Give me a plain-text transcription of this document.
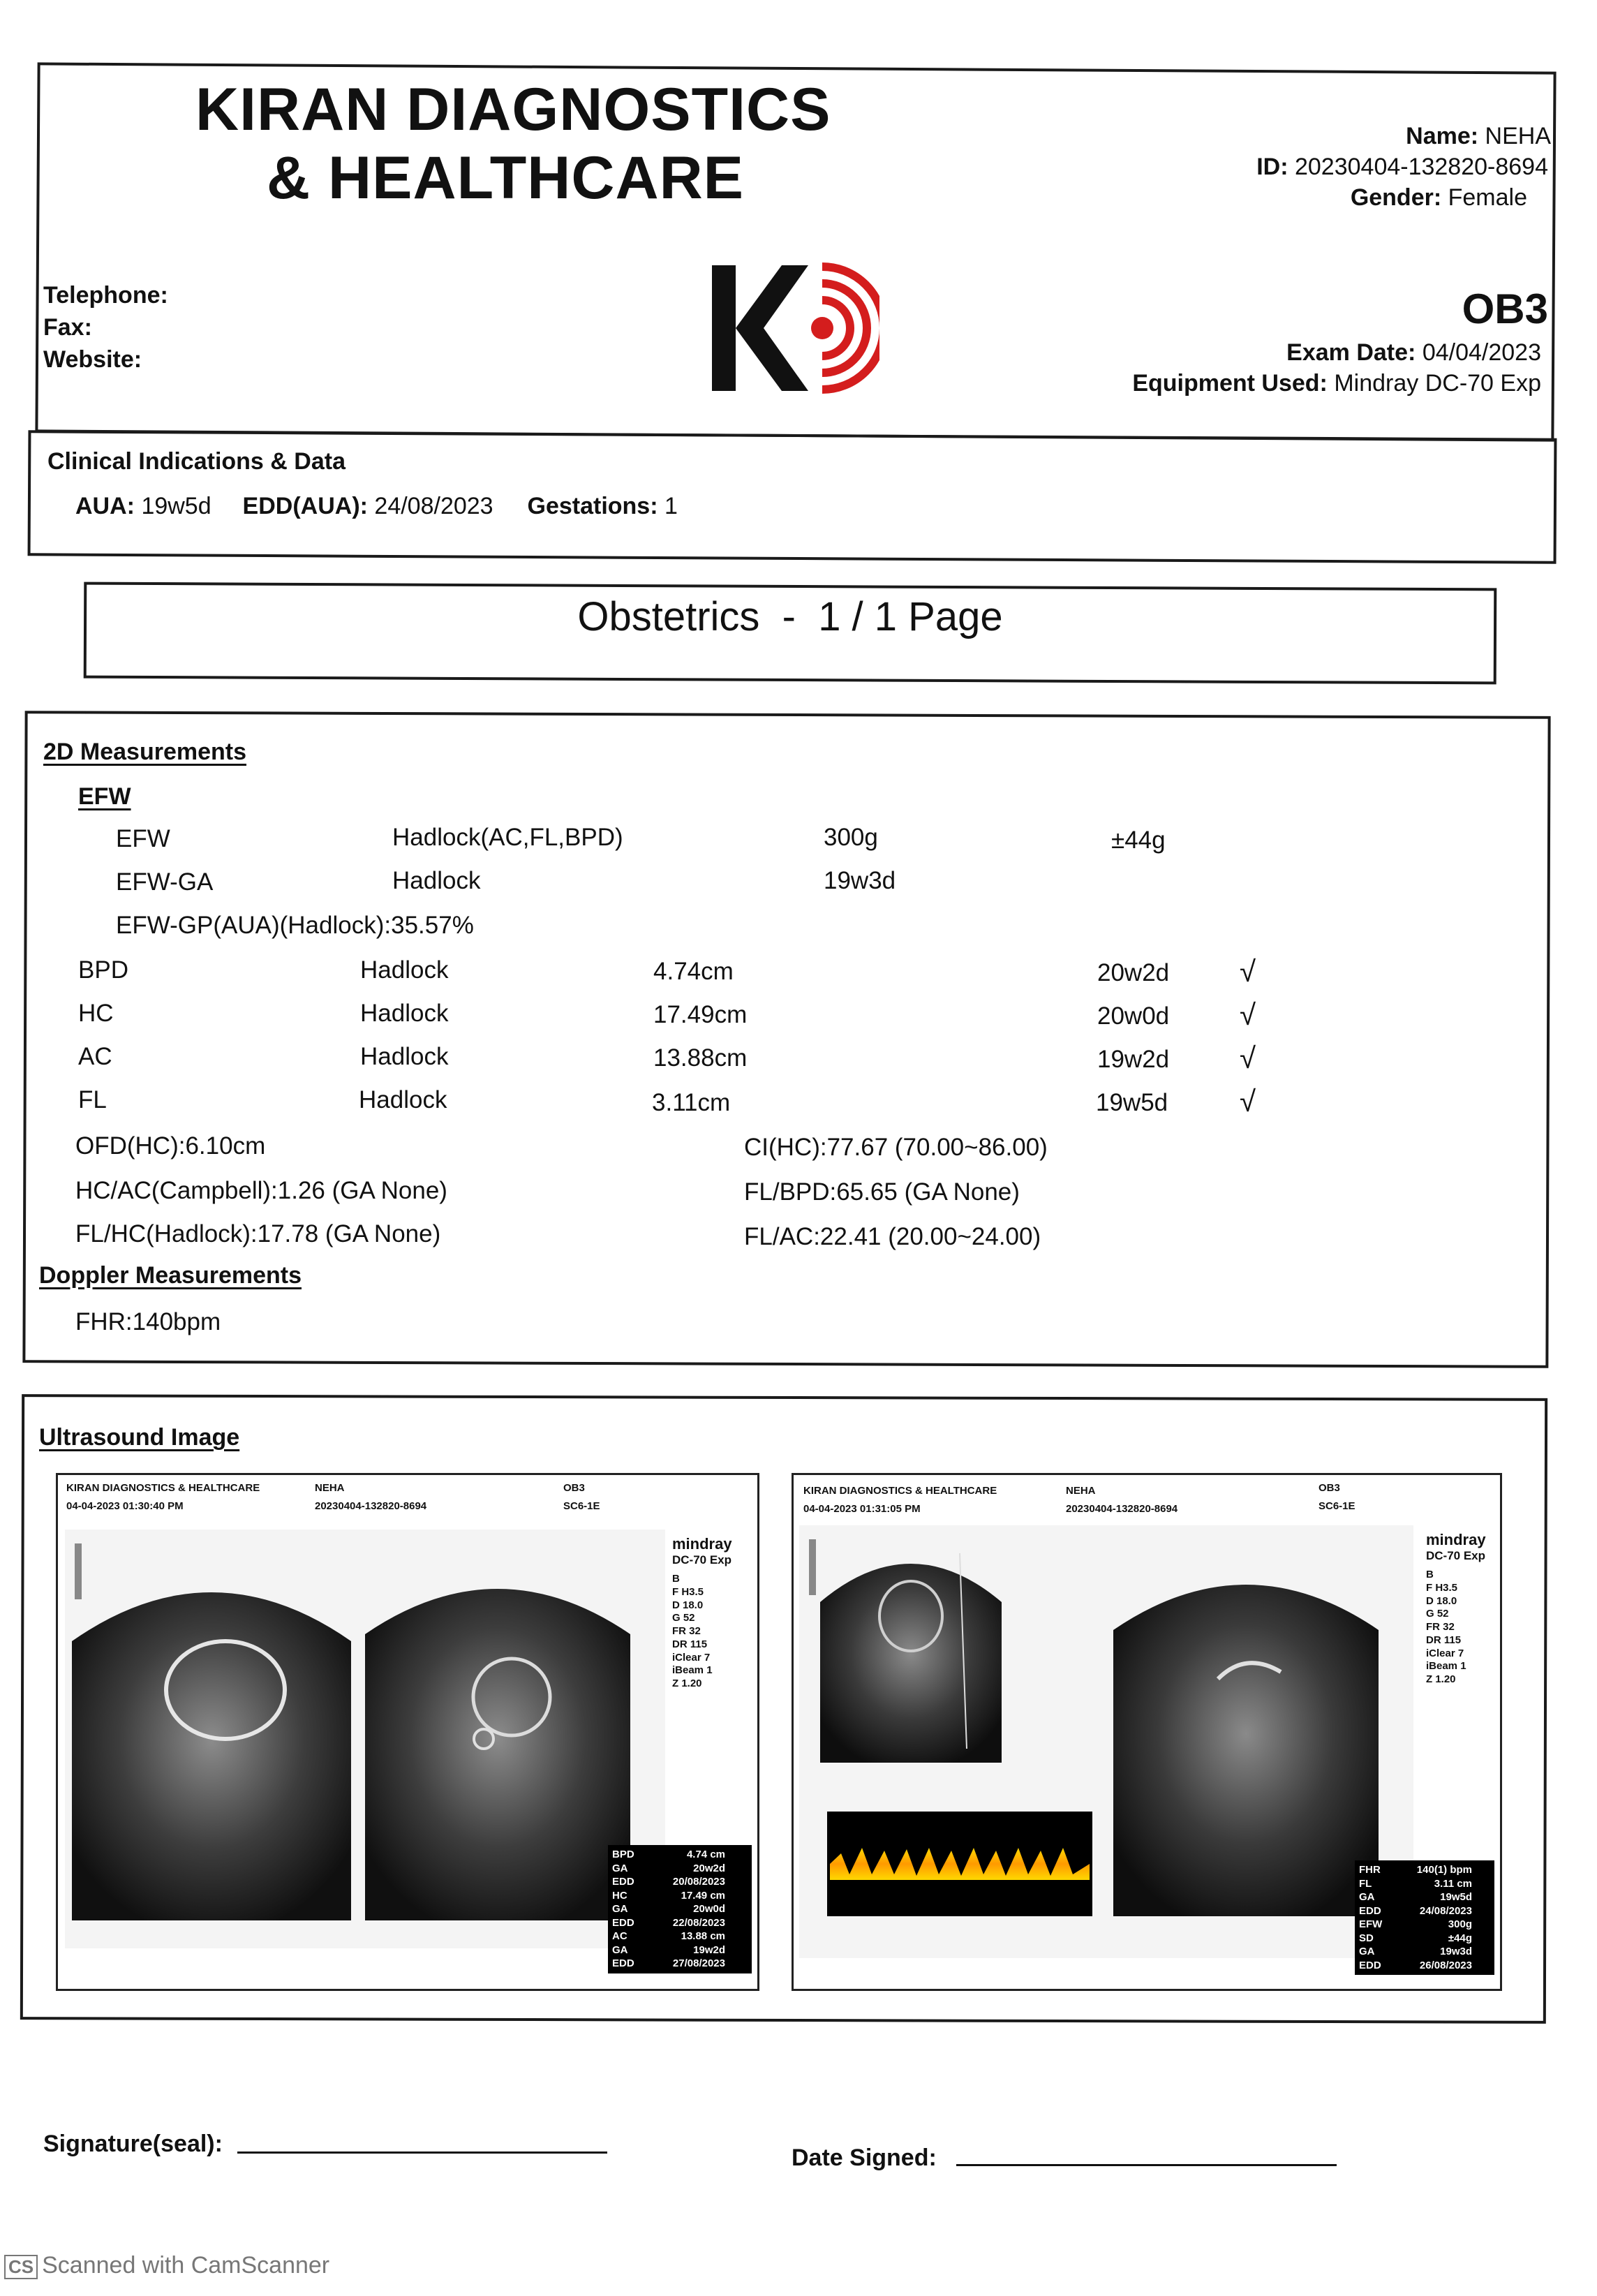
KIRAN DIAGNOSTICS
& HEALTHCARE
Telephone:
Fax:
Website:
Name: NEHA
ID: 20230404-132820-8694
Gender: Female
OB3
Exam Date: 04/04/2023
Equipment Used: Mindray DC-70 Exp
Clinical Indications & Data
AUA: 19w5d EDD(AUA): 24/08/2023 Gestations: 1
Obstetrics  -  1 / 1 Page
2D Measurements
EFW
EFW	Hadlock(AC,FL,BPD)	300g	±44g
EFW-GA	Hadlock	19w3d
EFW-GP(AUA)(Hadlock):35.57%
BPD	Hadlock	4.74cm	20w2d √
HC	Hadlock	17.49cm	20w0d √
AC	Hadlock	13.88cm	19w2d √
FL	Hadlock	3.11cm	19w5d √
OFD(HC):6.10cm
HC/AC(Campbell):1.26 (GA None)
FL/HC(Hadlock):17.78 (GA None)
CI(HC):77.67 (70.00~86.00)
FL/BPD:65.65 (GA None)
FL/AC:22.41 (20.00~24.00)
Doppler Measurements
FHR:140bpm
Ultrasound Image
KIRAN DIAGNOSTICS & HEALTHCARE
04-04-2023 01:30:40 PM
NEHA
20230404-132820-8694
OB3
SC6-1E
mindray
DC-70 Exp
B
F H3.5
D 18.0
G 52
FR 32
DR 115
iClear 7
iBeam 1
Z 1.20
BPD	4.74 cm
GA	20w2d
EDD	20/08/2023
HC	17.49 cm
GA	20w0d
EDD	22/08/2023
AC	13.88 cm
GA	19w2d
EDD	27/08/2023
KIRAN DIAGNOSTICS & HEALTHCARE
04-04-2023 01:31:05 PM
NEHA
20230404-132820-8694
OB3
SC6-1E
mindray
DC-70 Exp
B
F H3.5
D 18.0
G 52
FR 32
DR 115
iClear 7
iBeam 1
Z 1.20
FHR	140(1) bpm
FL	3.11 cm
GA	19w5d
EDD	24/08/2023
EFW	300g
SD	±44g
GA	19w3d
EDD	26/08/2023
Signature(seal):
Date Signed:
CS Scanned with CamScanner
